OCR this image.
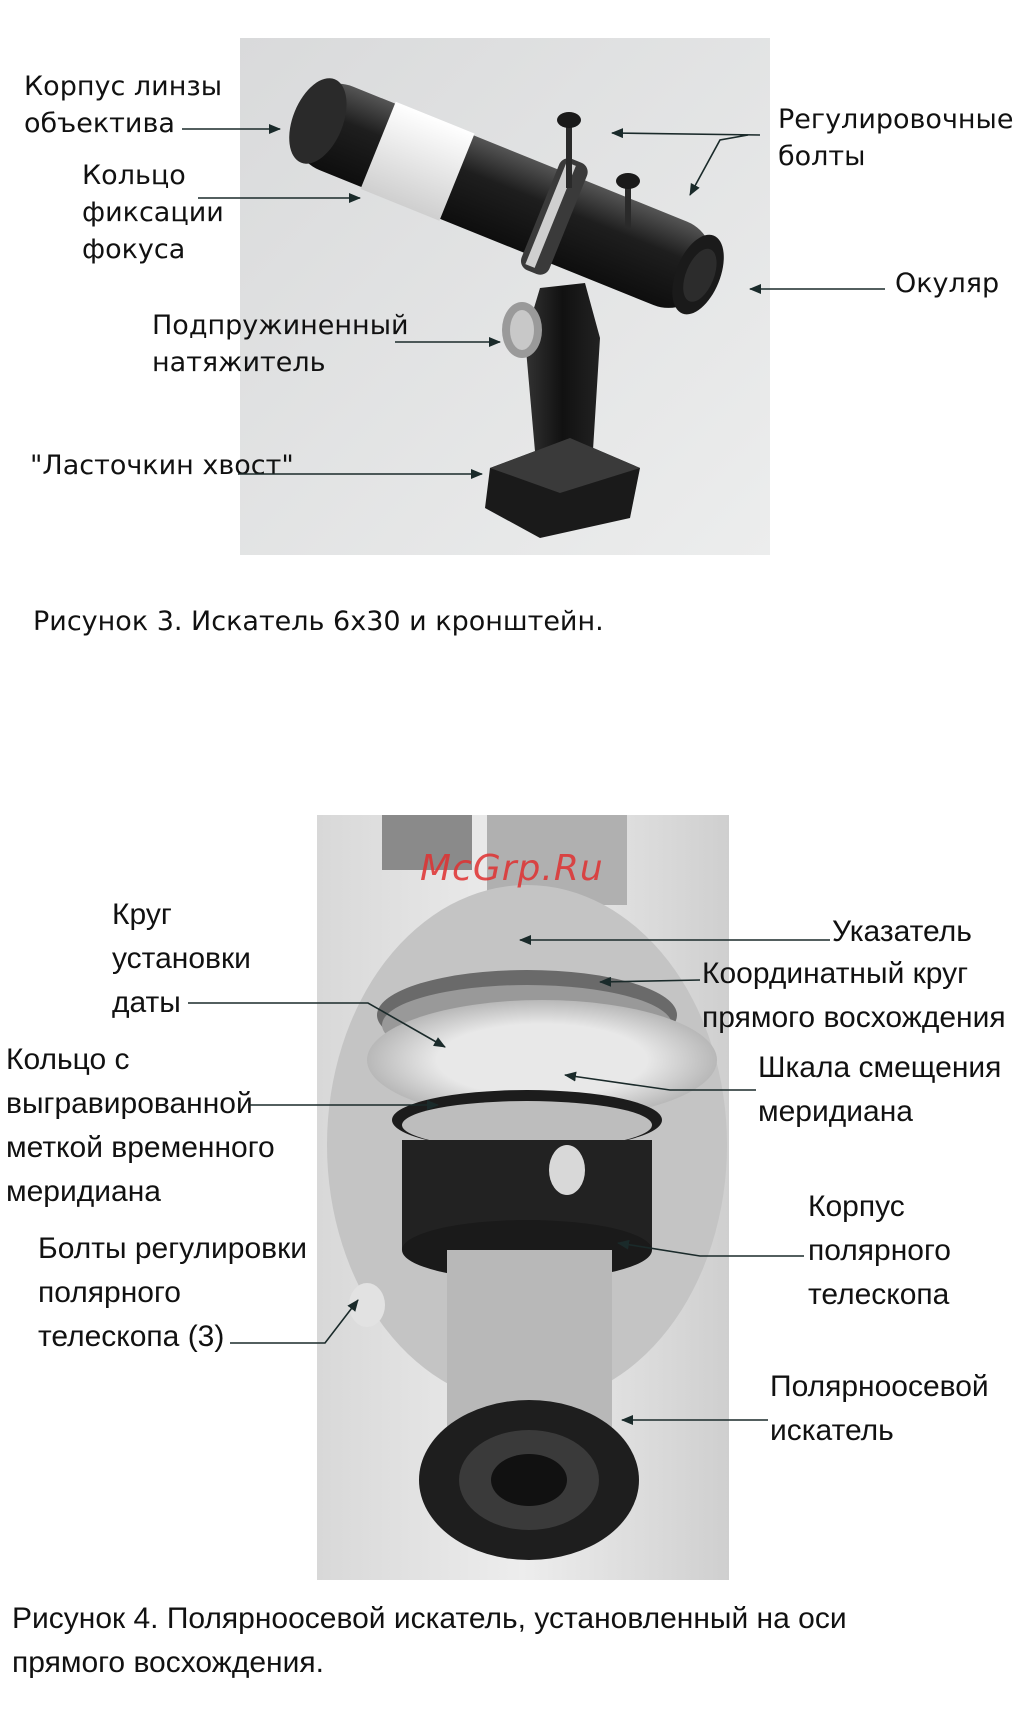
Корпус линзы
объектива
Кольцо
фиксации
фокуса
Регулировочные
болты
Окуляр
Подпружиненный
натяжитель
"Ласточкин хвост"
Рисунок 3. Искатель 6x30 и кронштейн.
McGrp.Ru
Круг
установки
даты
Указатель
Координатный круг
прямого восхождения
Кольцо с
выгравированной
меткой временного
меридиана
Шкала смещения
меридиана
Корпус
полярного
телескопа
Болты регулировки
полярного
телескопа (3)
Полярноосевой
искатель
Рисунок 4. Полярноосевой искатель, установленный на оси
прямого восхождения.
